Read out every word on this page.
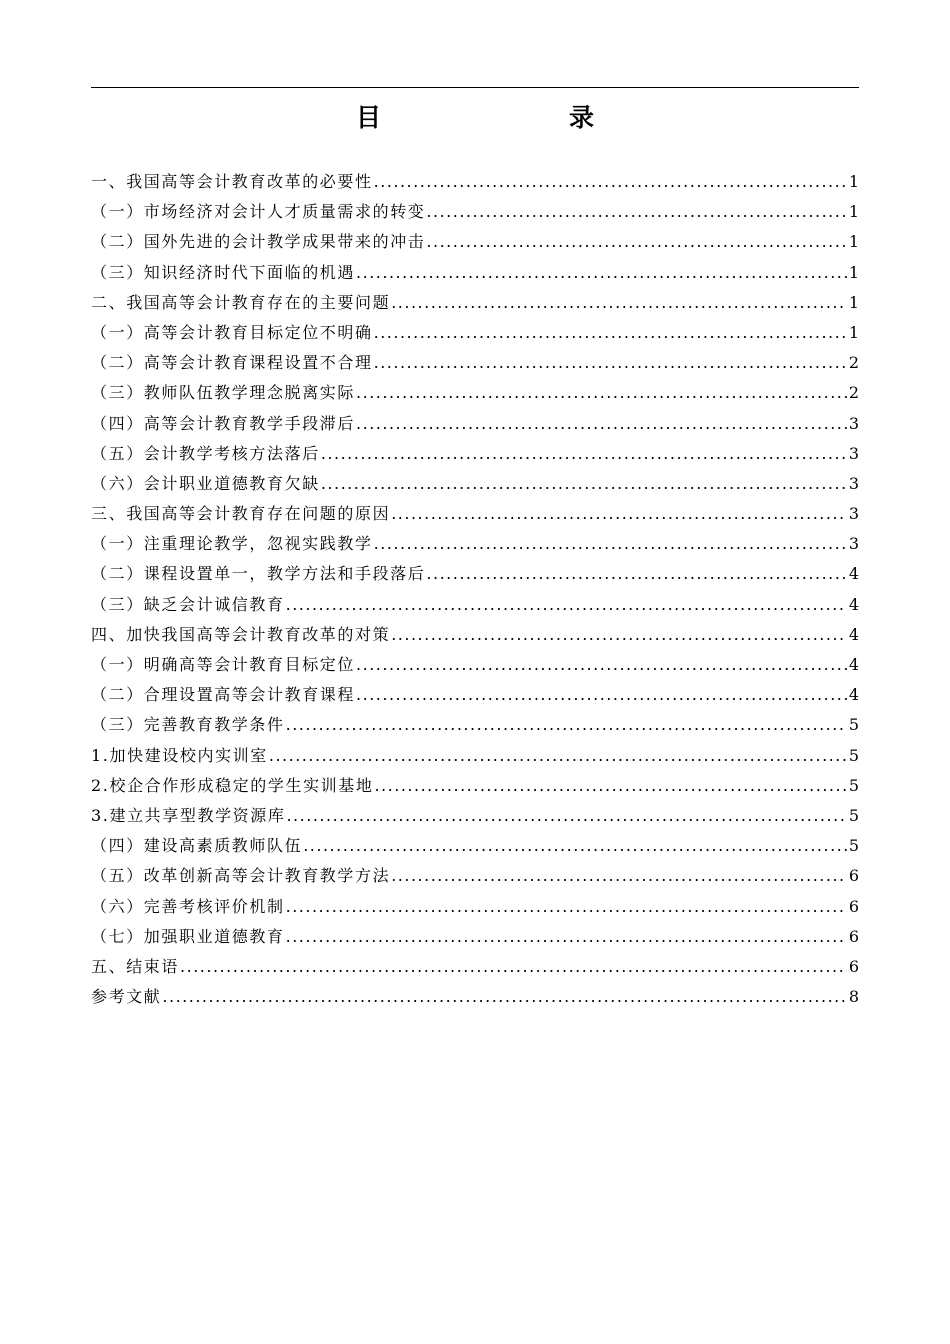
目　　录
一、我国高等会计教育改革的必要性 .....	1
（一）市场经济对会计人才质量需求的转变 .....	1
（二）国外先进的会计教学成果带来的冲击 .....	1
（三）知识经济时代下面临的机遇 .....	1
二、我国高等会计教育存在的主要问题 .....	1
（一）高等会计教育目标定位不明确 .....	1
（二）高等会计教育课程设置不合理 .....	2
（三）教师队伍教学理念脱离实际 .....	2
（四）高等会计教育教学手段滞后 .....	3
（五）会计教学考核方法落后 .....	3
（六）会计职业道德教育欠缺 .....	3
三、我国高等会计教育存在问题的原因 .....	3
（一）注重理论教学，忽视实践教学 .....	3
（二）课程设置单一，教学方法和手段落后 .....	4
（三）缺乏会计诚信教育 .....	4
四、加快我国高等会计教育改革的对策 .....	4
（一）明确高等会计教育目标定位 .....	4
（二）合理设置高等会计教育课程 .....	4
（三）完善教育教学条件 .....	5
1.加快建设校内实训室 .....	5
2.校企合作形成稳定的学生实训基地 .....	5
3.建立共享型教学资源库 .....	5
（四）建设高素质教师队伍 .....	5
（五）改革创新高等会计教育教学方法 .....	6
（六）完善考核评价机制 .....	6
（七）加强职业道德教育 .....	6
五、结束语 .....	6
参考文献 .....	8
